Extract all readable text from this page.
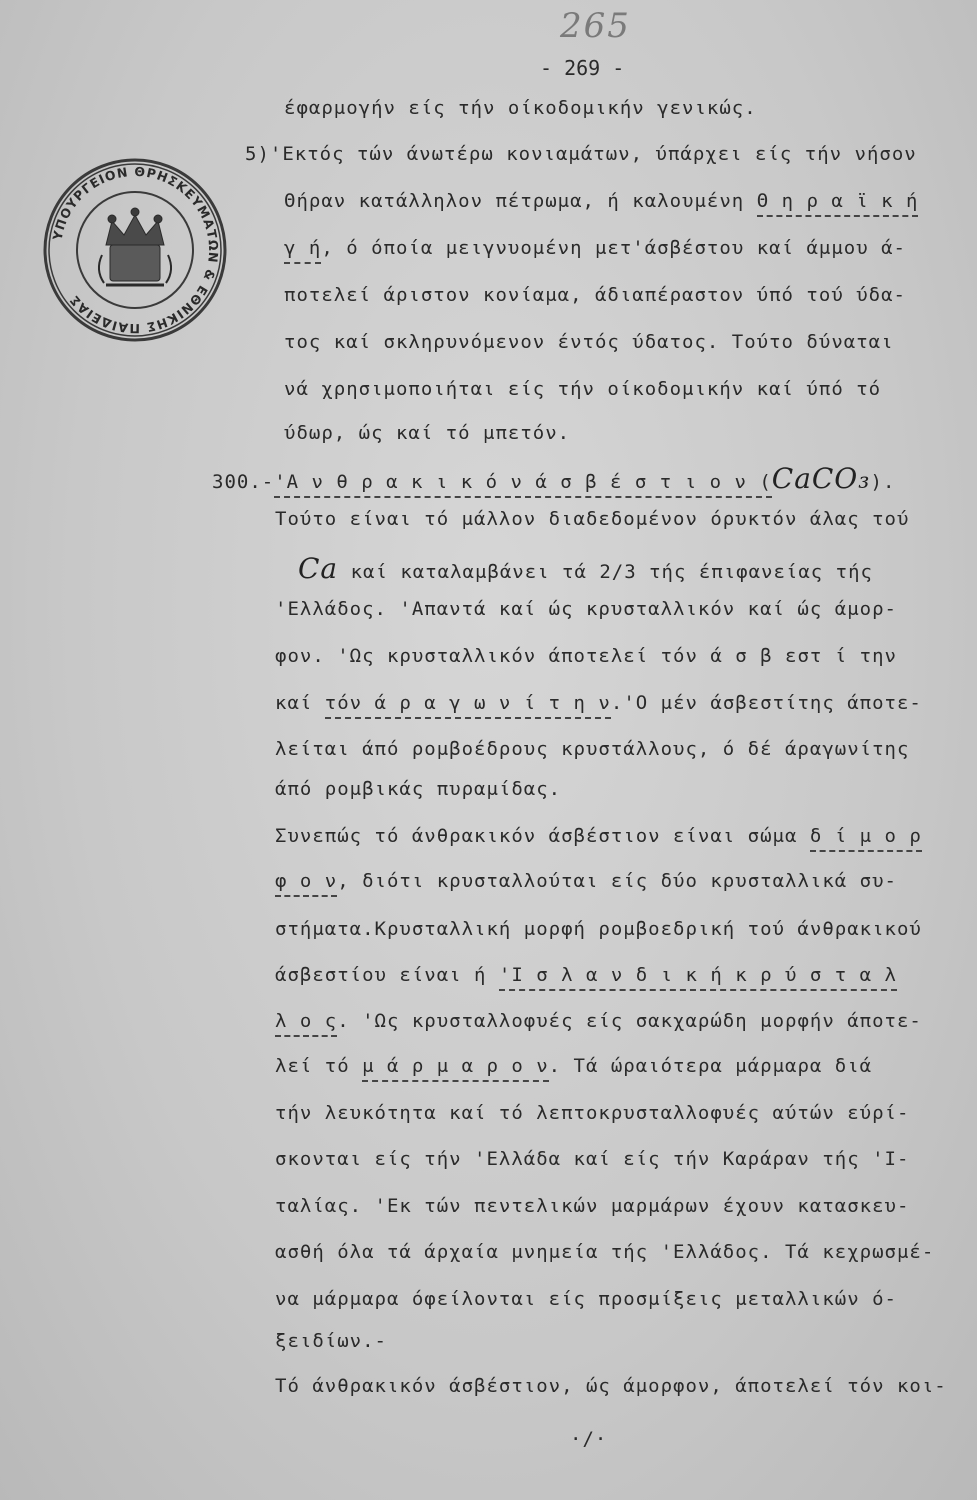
265
- 269 -
ΥΠΟΥΡΓΕΙΟΝ ΘΡΗΣΚΕΥΜΑΤΩΝ & ΕΘΝΙΚΗΣ ΠΑΙΔΕΙΑΣ
έφαρμογήν είς τήν οίκοδομικήν γενικώς.
5)'Εκτός τών άνωτέρω κονιαμάτων, ύπάρχει είς τήν νήσον
Θήραν κατάλληλον πέτρωμα, ή καλουμένη Θ η ρ α ϊ κ ή
γ ή, ό όποία μειγνυομένη μετ'άσβέστου καί άμμου ά-
ποτελεί άριστον κονίαμα, άδιαπέραστον ύπό τού ύδα-
τος καί σκληρυνόμενον έντός ύδατος. Τούτο δύναται
νά χρησιμοποιήται είς τήν οίκοδομικήν καί ύπό τό
ύδωρ, ώς καί τό μπετόν.
300.-'Α ν θ ρ α κ ι κ ό ν ά σ β έ σ τ ι ο ν (CaCO₃).
Τούτο είναι τό μάλλον διαδεδομένον όρυκτόν άλας τού
Ca καί καταλαμβάνει τά 2/3 τής έπιφανείας τής
'Ελλάδος. 'Απαντά καί ώς κρυσταλλικόν καί ώς άμορ-
φον. 'Ως κρυσταλλικόν άποτελεί τόν ά σ β εστ ί την
καί τόν ά ρ α γ ω ν ί τ η ν.'Ο μέν άσβεστίτης άποτε-
λείται άπό ρομβοέδρους κρυστάλλους, ό δέ άραγωνίτης
άπό ρομβικάς πυραμίδας.
Συνεπώς τό άνθρακικόν άσβέστιον είναι σώμα δ ί μ ο ρ
φ ο ν, διότι κρυσταλλούται είς δύο κρυσταλλικά συ-
στήματα.Κρυσταλλική μορφή ρομβοεδρική τού άνθρακικού
άσβεστίου είναι ή 'Ι σ λ α ν δ ι κ ή κ ρ ύ σ τ α λ
λ ο ς. 'Ως κρυσταλλοφυές είς σακχαρώδη μορφήν άποτε-
λεί τό μ ά ρ μ α ρ ο ν. Τά ώραιότερα μάρμαρα διά
τήν λευκότητα καί τό λεπτοκρυσταλλοφυές αύτών εύρί-
σκονται είς τήν 'Ελλάδα καί είς τήν Καράραν τής 'Ι-
ταλίας. 'Εκ τών πεντελικών μαρμάρων έχουν κατασκευ-
ασθή όλα τά άρχαία μνημεία τής 'Ελλάδος. Τά κεχρωσμέ-
να μάρμαρα όφείλονται είς προσμίξεις μεταλλικών ό-
ξειδίων.-
Τό άνθρακικόν άσβέστιον, ώς άμορφον, άποτελεί τόν κοι-
·/·
